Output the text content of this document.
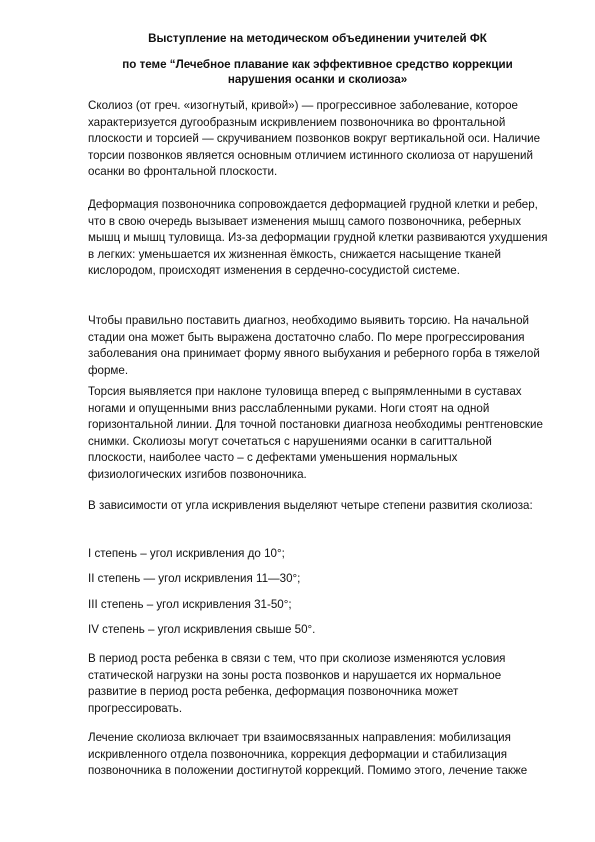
Выступление на методическом объединении учителей ФК
по теме “Лечебное плавание как эффективное средство коррекции
нарушения осанки и сколиоза»

Сколиоз (от греч. «изогнутый, кривой») — прогрессивное заболевание, которое характеризуется дугообразным искривлением позвоночника во фронтальной плоскости и торсией — скручиванием позвонков вокруг вертикальной оси. Наличие торсии позвонков является основным отличием истинного сколиоза от нарушений осанки во фронтальной плоскости.

Деформация позвоночника сопровождается деформацией грудной клетки и ребер, что в свою очередь вызывает изменения мышц самого позвоночника, реберных мышц и мышц туловища. Из-за деформации грудной клетки развиваются ухудшения в легких: уменьшается их жизненная ёмкость, снижается насыщение тканей кислородом, происходят изменения в сердечно-сосудистой системе.

Чтобы правильно поставить диагноз, необходимо выявить торсию. На начальной стадии она может быть выражена достаточно слабо. По мере прогрессирования заболевания она принимает форму явного выбухания и реберного горба в тяжелой форме.

Торсия выявляется при наклоне туловища вперед с выпрямленными в суставах ногами и опущенными вниз расслабленными руками. Ноги стоят на одной горизонтальной линии. Для точной постановки диагноза необходимы рентгеновские снимки. Сколиозы могут сочетаться с нарушениями осанки в сагиттальной плоскости, наиболее часто – с дефектами уменьшения нормальных физиологических изгибов позвоночника.

В зависимости от угла искривления выделяют четыре степени развития сколиоза:

I степень – угол искривления до 10°;

II степень — угол искривления 11—30°;

III степень – угол искривления 31-50°;

IV степень – угол искривления свыше 50°.

В период роста ребенка в связи с тем, что при сколиозе изменяются условия статической нагрузки на зоны роста позвонков и нарушается их нормальное развитие в период роста ребенка, деформация позвоночника может прогрессировать.

Лечение сколиоза включает три взаимосвязанных направления: мобилизация искривленного отдела позвоночника, коррекция деформации и стабилизация позвоночника в положении достигнутой коррекций. Помимо этого, лечение также
